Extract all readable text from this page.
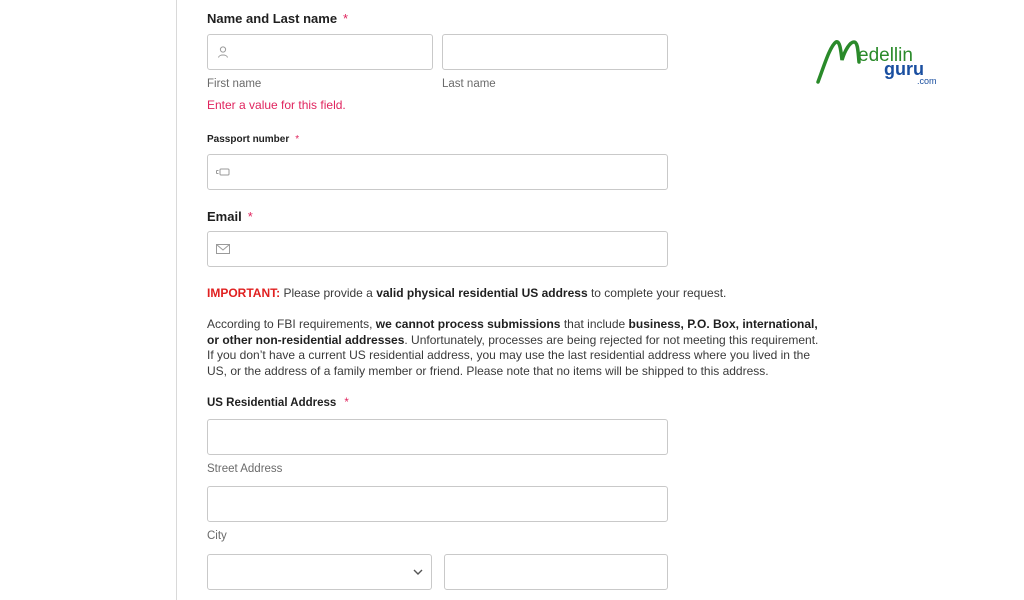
Name and Last name *
First name	Last name
Enter a value for this field.
Passport number *
Email *
IMPORTANT: Please provide a valid physical residential US address to complete your request.
According to FBI requirements, we cannot process submissions that include business, P.O. Box, international, or other non-residential addresses. Unfortunately, processes are being rejected for not meeting this requirement. If you don’t have a current US residential address, you may use the last residential address where you lived in the US, or the address of a family member or friend. Please note that no items will be shipped to this address.
US Residential Address *
Street Address
City
edellin
guru
.com
